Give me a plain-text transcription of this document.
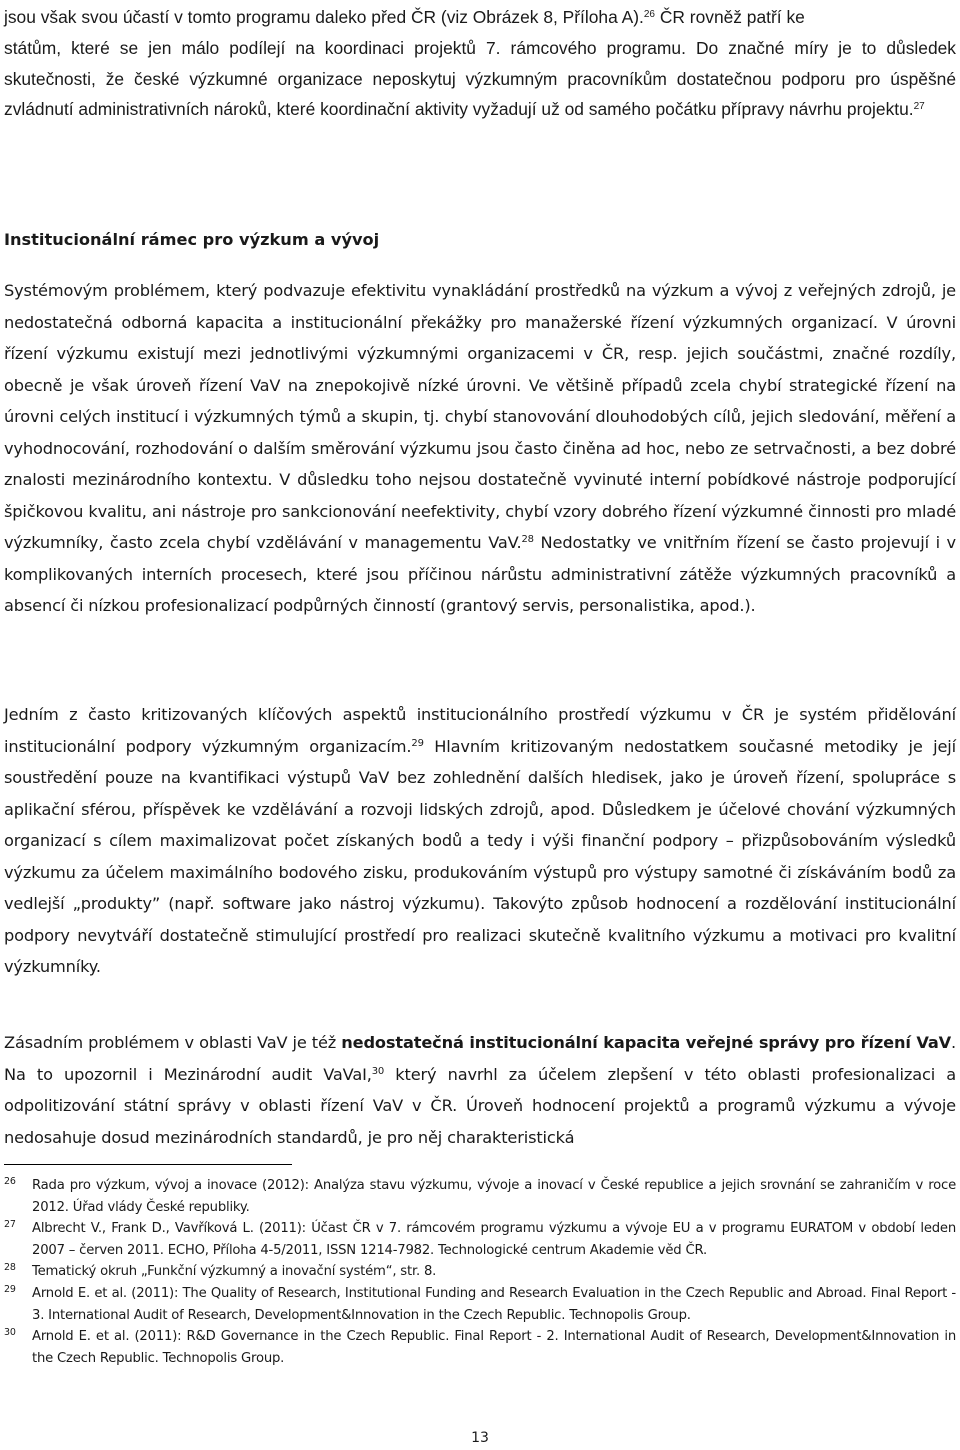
jsou však svou účastí v tomto programu daleko před ČR (viz Obrázek 8, Příloha A).$^{26}$ ČR rovněž patří ke

státům, které se jen málo podílejí na koordinaci projektů 7. rámcového programu. Do značné míry je to důsledek skutečnosti, že české výzkumné organizace neposkytuj výzkumným pracovníkům dostatečnou podporu pro úspěšné zvládnutí administrativních nároků, které koordinační aktivity vyžadují už od samého počátku přípravy návrhu projektu.$^{27}$

Institucionální rámec pro výzkum a vývoj

Systémovým problémem, který podvazuje efektivitu vynakládání prostředků na výzkum a vývoj z veřejných zdrojů, je nedostatečná odborná kapacita a institucionální překážky pro manažerské řízení výzkumných organizací. V úrovni řízení výzkumu existují mezi jednotlivými výzkumnými organizacemi v ČR, resp. jejich součástmi, značné rozdíly, obecně je však úroveň řízení VaV na znepokojivě nízké úrovni. Ve většině případů zcela chybí strategické řízení na úrovni celých institucí i výzkumných týmů a skupin, tj. chybí stanovování dlouhodobých cílů, jejich sledování, měření a vyhodnocování, rozhodování o dalším směrování výzkumu jsou často činěna ad hoc, nebo ze setrvačnosti, a bez dobré znalosti mezinárodního kontextu. V důsledku toho nejsou dostatečně vyvinuté interní pobídkové nástroje podporující špičkovou kvalitu, ani nástroje pro sankcionování neefektivity, chybí vzory dobrého řízení výzkumné činnosti pro mladé výzkumníky, často zcela chybí vzdělávání v managementu VaV.$^{28}$ Nedostatky ve vnitřním řízení se často projevují i v komplikovaných interních procesech, které jsou příčinou nárůstu administrativní zátěže výzkumných pracovníků a absencí či nízkou profesionalizací podpůrných činností (grantový servis, personalistika, apod.).

Jedním z často kritizovaných klíčových aspektů institucionálního prostředí výzkumu v ČR je systém přidělování institucionální podpory výzkumným organizacím.$^{29}$ Hlavním kritizovaným nedostatkem současné metodiky je její soustředění pouze na kvantifikaci výstupů VaV bez zohlednění dalších hledisek, jako je úroveň řízení, spolupráce s aplikační sférou, příspěvek ke vzdělávání a rozvoji lidských zdrojů, apod. Důsledkem je účelové chování výzkumných organizací s cílem maximalizovat počet získaných bodů a tedy i výši finanční podpory – přizpůsobováním výsledků výzkumu za účelem maximálního bodového zisku, produkováním výstupů pro výstupy samotné či získáváním bodů za vedlejší „produkty” (např. software jako nástroj výzkumu). Takovýto způsob hodnocení a rozdělování institucionální podpory nevytváří dostatečně stimulující prostředí pro realizaci skutečně kvalitního výzkumu a motivaci pro kvalitní výzkumníky.

Zásadním problémem v oblasti VaV je též nedostatečná institucionální kapacita veřejné správy pro řízení VaV. Na to upozornil i Mezinárodní audit VaVaI,$^{30}$ který navrhl za účelem zlepšení v této oblasti profesionalizaci a odpolitizování státní správy v oblasti řízení VaV v ČR. Úroveň hodnocení projektů a programů výzkumu a vývoje nedosahuje dosud mezinárodních standardů, je pro něj charakteristická

26 Rada pro výzkum, vývoj a inovace (2012): Analýza stavu výzkumu, vývoje a inovací v České republice a jejich srovnání se zahraničím v roce 2012. Úřad vlády České republiky.

27 Albrecht V., Frank D., Vavříková L. (2011): Účast ČR v 7. rámcovém programu výzkumu a vývoje EU a v programu EURATOM v období leden 2007 – červen 2011. ECHO, Příloha 4-5/2011, ISSN 1214-7982. Technologické centrum Akademie věd ČR.

28 Tematický okruh „Funkční výzkumný a inovační systém“, str. 8.

29 Arnold E. et al. (2011): The Quality of Research, Institutional Funding and Research Evaluation in the Czech Republic and Abroad. Final Report - 3. International Audit of Research, Development&Innovation in the Czech Republic. Technopolis Group.

30 Arnold E. et al. (2011): R&D Governance in the Czech Republic. Final Report - 2. International Audit of Research, Development&Innovation in the Czech Republic. Technopolis Group.

13
